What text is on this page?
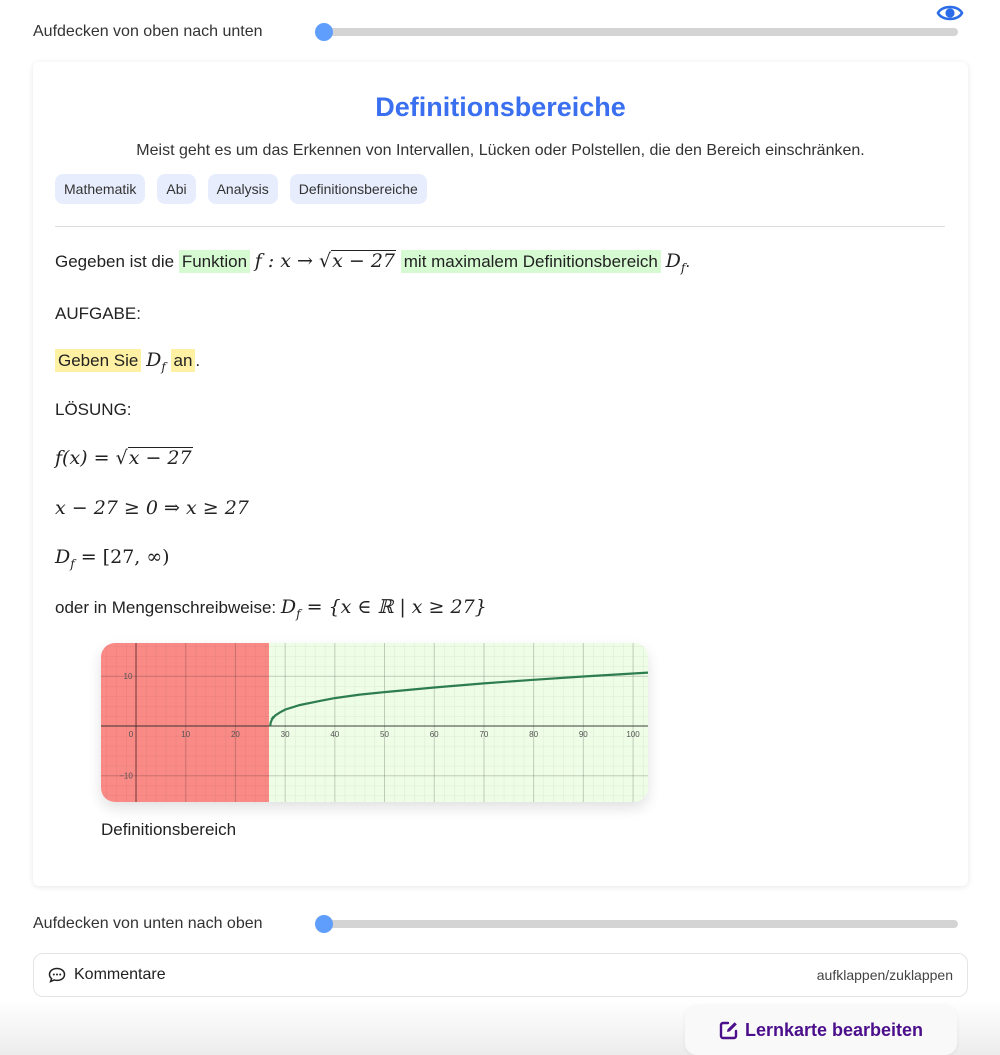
Aufdecken von oben nach unten
Definitionsbereiche
Meist geht es um das Erkennen von Intervallen, Lücken oder Polstellen, die den Bereich einschränken.
Mathematik	Abi	Analysis	Definitionsbereiche
Gegeben ist die Funktion f : x → √x − 27 mit maximalem Definitionsbereich $D_f$.
AUFGABE:
Geben Sie $D_f$ an .
LÖSUNG:
f(x) = √x − 27
x − 27 ≥ 0 ⇒ x ≥ 27
$D_f = [27$, ∞)
oder in Mengenschreibweise: $D_f = \{x$ ∈ ℝ | x ≥ 27}
0	10	20	30	40	50	60	70	80	90	100
10
−10
f
Definitionsbereich
Aufdecken von unten nach oben
Kommentare	aufklappen/zuklappen
Lernkarte bearbeiten
